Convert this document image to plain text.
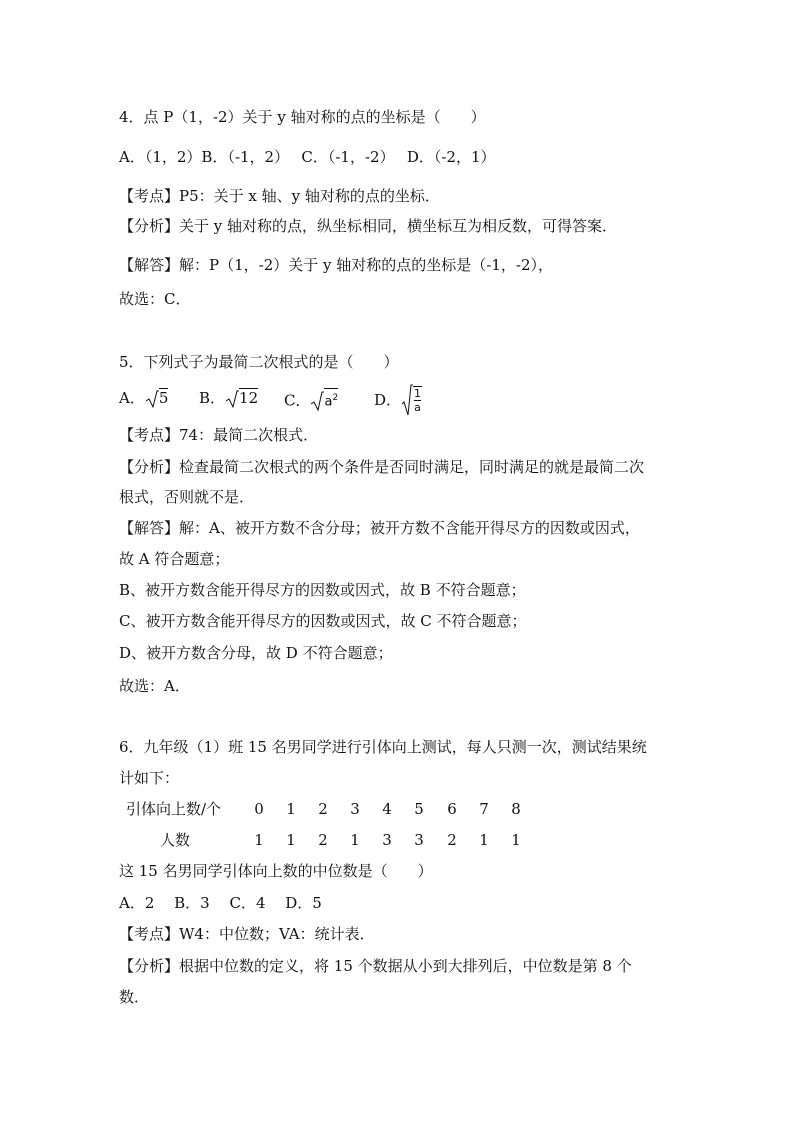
4．点 P（1，-2）关于 y 轴对称的点的坐标是（　　）
A．（1，2）B．（-1，2）　 C．（-1，-2）　 D．（-2，1）
【考点】P5：关于 x 轴、y 轴对称的点的坐标．
【分析】关于 y 轴对称的点，纵坐标相同，横坐标互为相反数，可得答案．
【解答】解：P（1，-2）关于 y 轴对称的点的坐标是（-1，-2），
故选：C．
5．下列式子为最简二次根式的是（　　）
A． 5 B． 12 C． $a^2$ D． $\frac{1}{a}$
【考点】74：最简二次根式．
【分析】检查最简二次根式的两个条件是否同时满足，同时满足的就是最简二次
根式，否则就不是．
【解答】解：A、被开方数不含分母；被开方数不含能开得尽方的因数或因式，
故 A 符合题意；
B、被开方数含能开得尽方的因数或因式，故 B 不符合题意；
C、被开方数含能开得尽方的因数或因式，故 C 不符合题意；
D、被开方数含分母，故 D 不符合题意；
故选：A．
6．九年级（1）班 15 名男同学进行引体向上测试，每人只测一次，测试结果统
计如下：
引体向上数/个
人数
0 1 2 3 4 5 6 7 8
1 1 2 1 3 3 2 1 1
这 15 名男同学引体向上数的中位数是（　　）
A．2　 B．3　 C．4　 D．5
【考点】W4：中位数；VA：统计表．
【分析】根据中位数的定义，将 15 个数据从小到大排列后，中位数是第 8 个
数．
